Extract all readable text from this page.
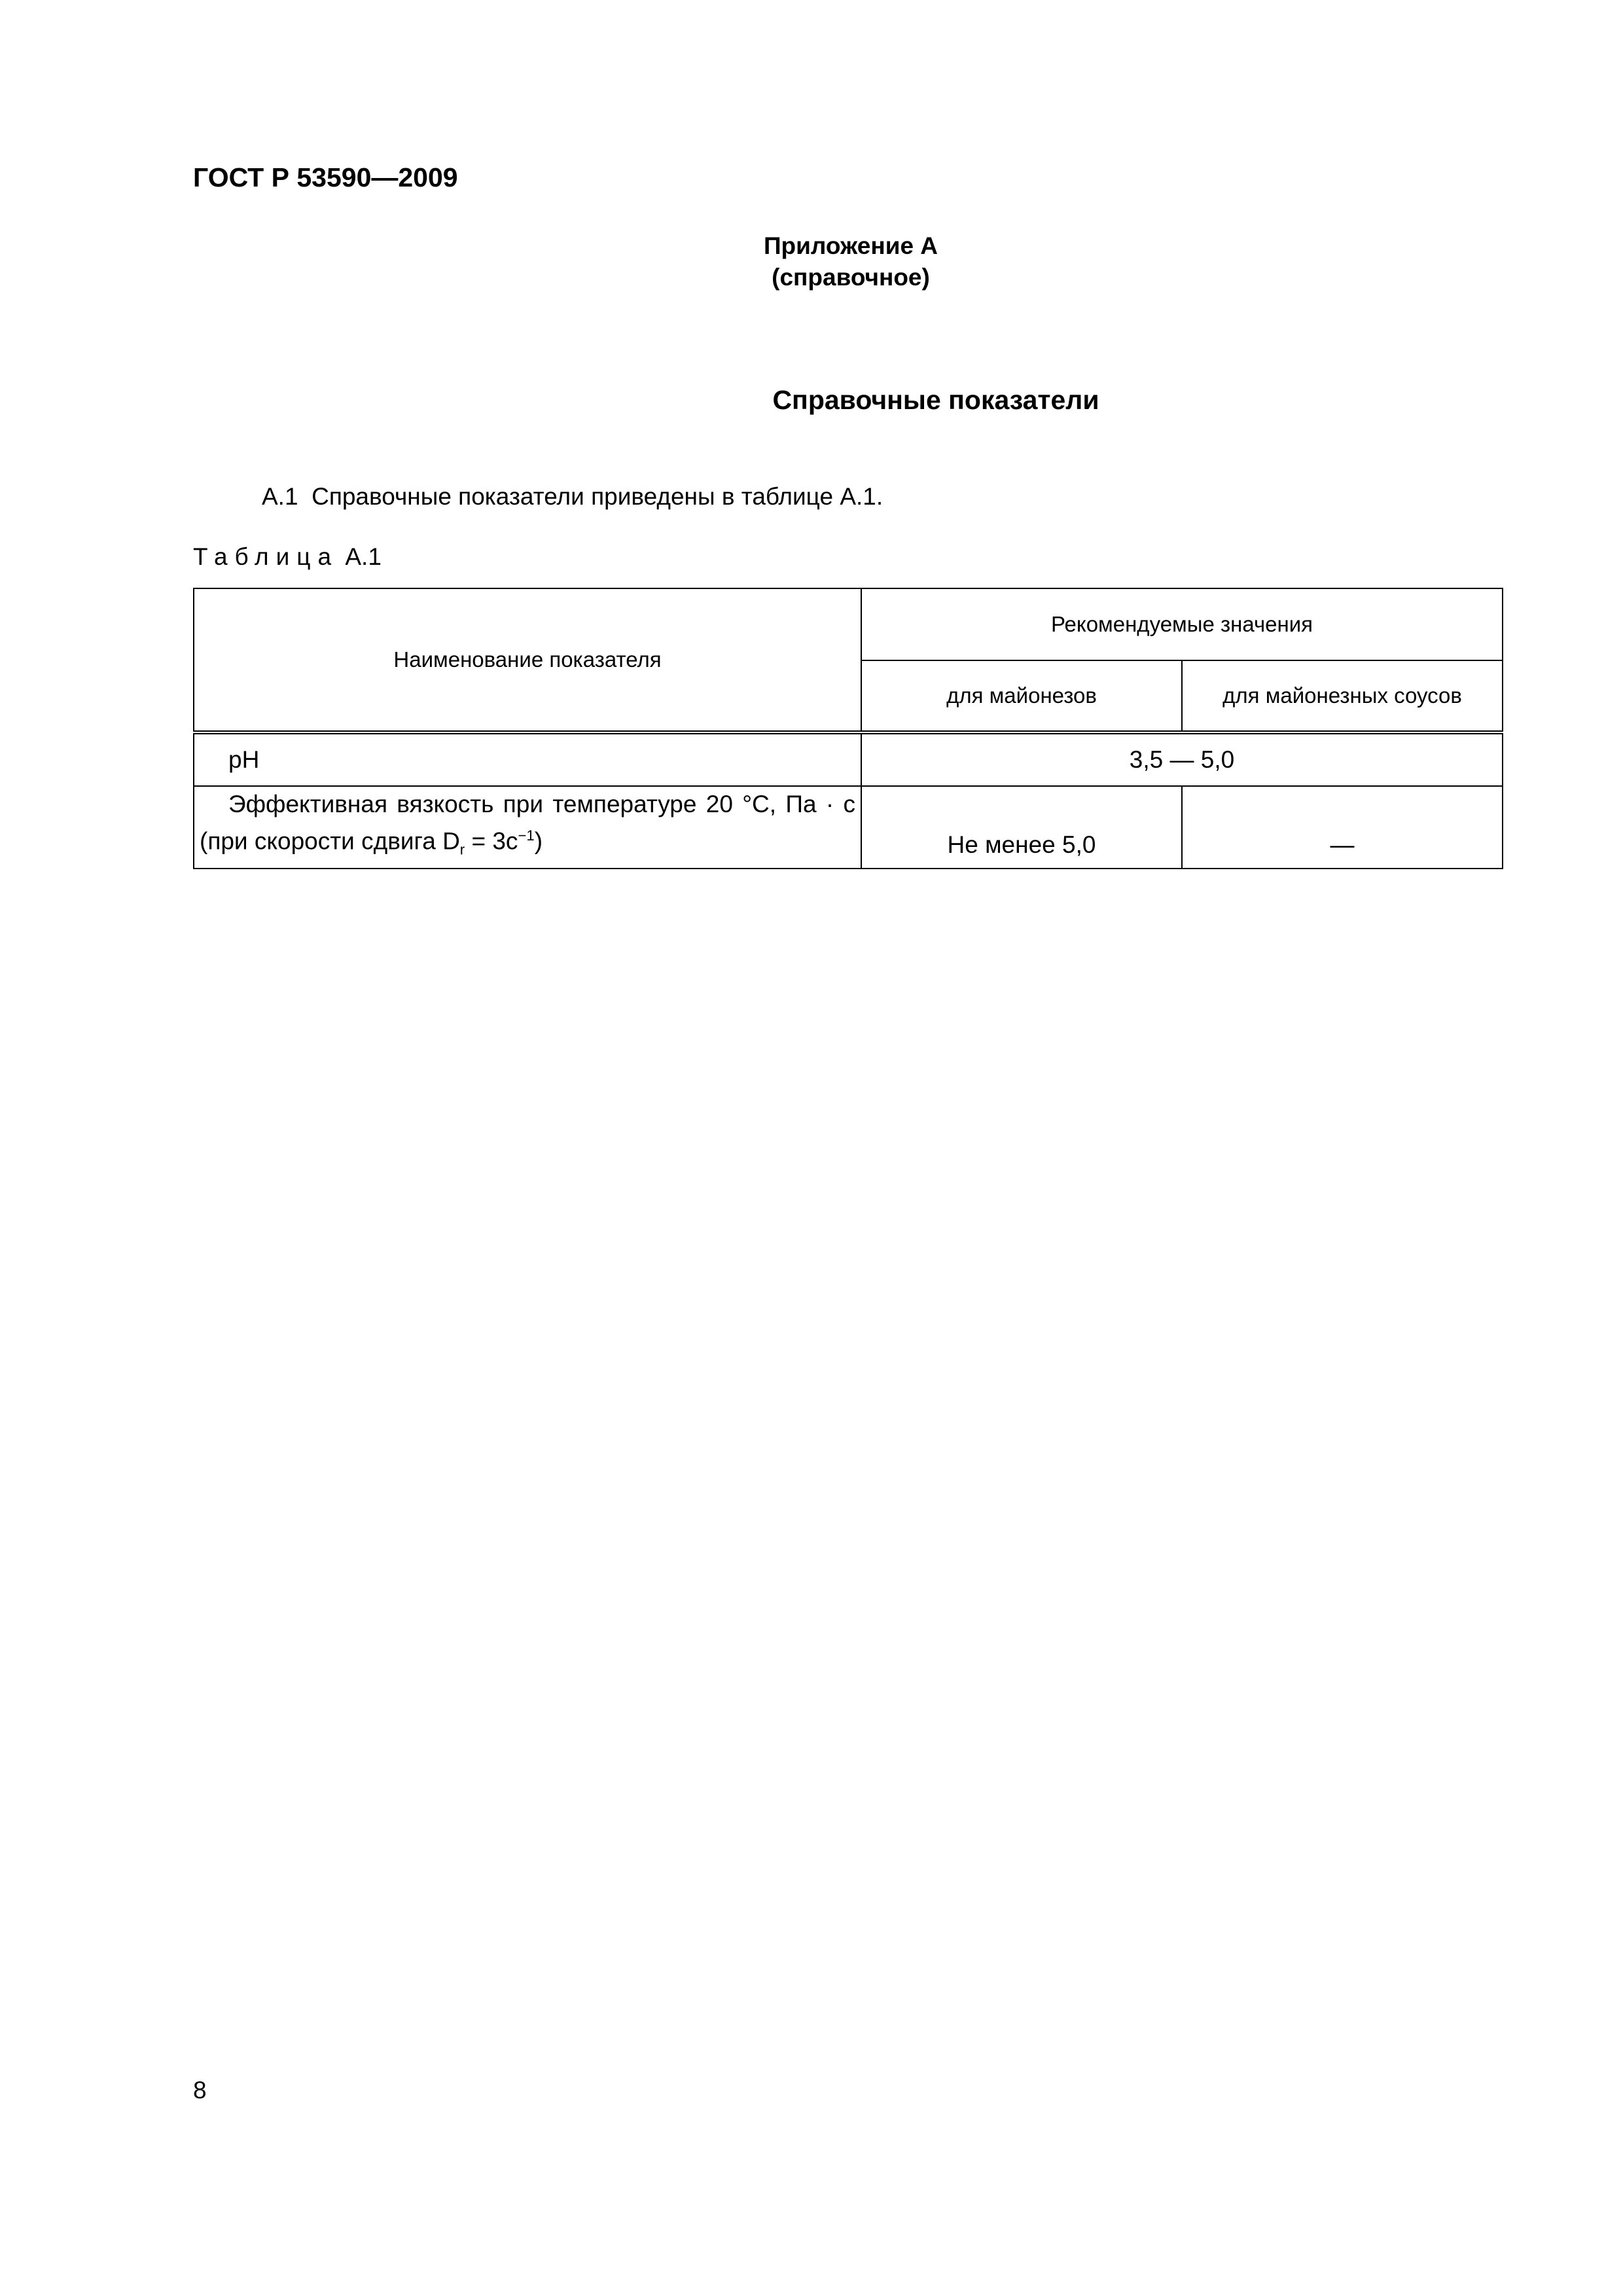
ГОСТ Р 53590—2009
Приложение А
(справочное)
Справочные показатели
А.1  Справочные показатели приведены в таблице А.1.
Таблица А.1
Наименование показателя	Рекомендуемые значения	
	для майонезов	для майонезных соусов
pH	3,5 — 5,0	

Эффективная вязкость при температуре 20 °С, Па · с
(при скорости сдвига $D_r = 3с^{-1}$)	Не менее 5,0	—
8
